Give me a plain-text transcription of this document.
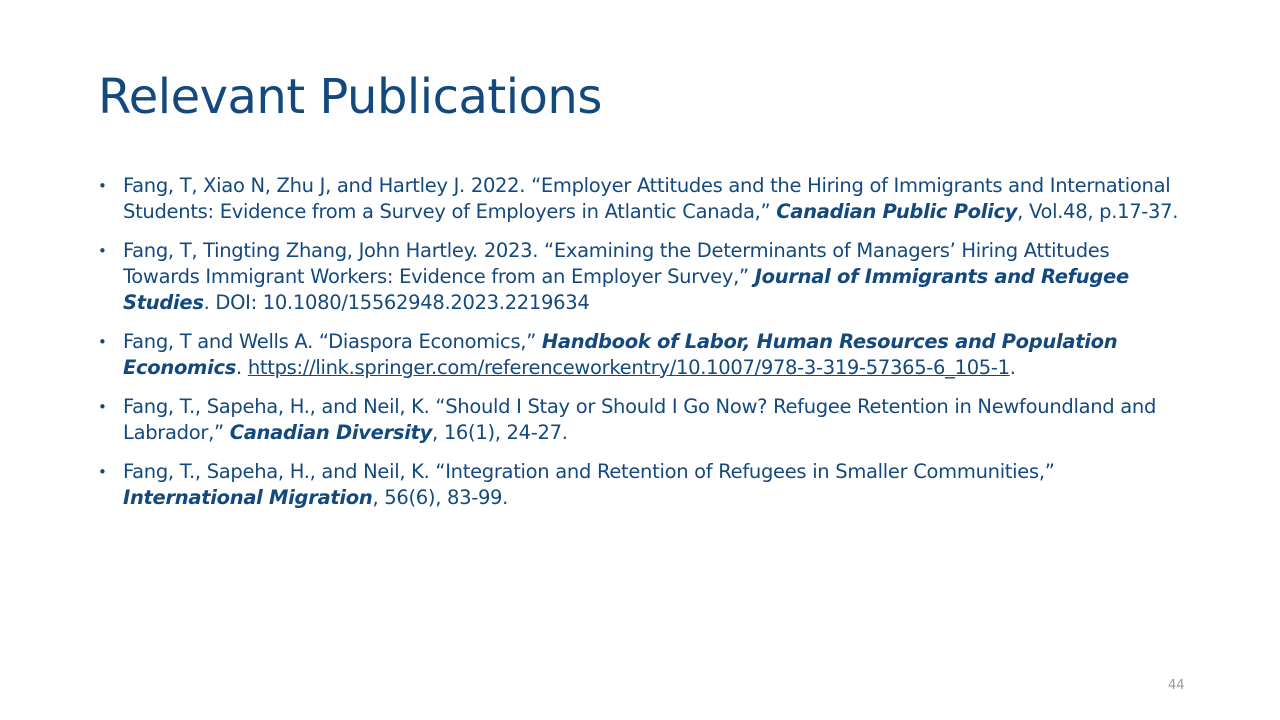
Relevant Publications
• Fang, T, Xiao N, Zhu J, and Hartley J. 2022. “Employer Attitudes and the Hiring of Immigrants and International Students: Evidence from a Survey of Employers in Atlantic Canada,” Canadian Public Policy, Vol.48, p.17-37.
• Fang, T, Tingting Zhang, John Hartley. 2023. “Examining the Determinants of Managers’ Hiring Attitudes Towards Immigrant Workers: Evidence from an Employer Survey,” Journal of Immigrants and Refugee Studies. DOI: 10.1080/15562948.2023.2219634
• Fang, T and Wells A. “Diaspora Economics,” Handbook of Labor, Human Resources and Population Economics. https://link.springer.com/referenceworkentry/10.1007/978-3-319-57365-6_105-1.
• Fang, T., Sapeha, H., and Neil, K. “Should I Stay or Should I Go Now? Refugee Retention in Newfoundland and Labrador,” Canadian Diversity, 16(1), 24-27.
• Fang, T., Sapeha, H., and Neil, K. “Integration and Retention of Refugees in Smaller Communities,” International Migration, 56(6), 83-99.
44
